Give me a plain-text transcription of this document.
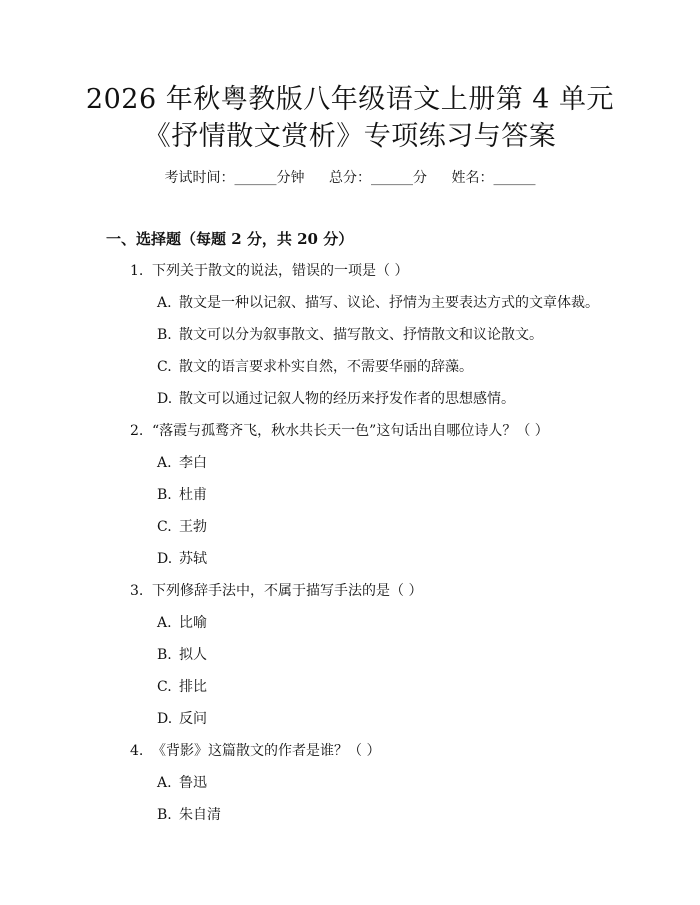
2026 年秋粤教版八年级语文上册第 4 单元
《抒情散文赏析》专项练习与答案
考试时间：______分钟 总分：______分 姓名：______
一、选择题（每题 2 分，共 20 分）
1. 下列关于散文的说法，错误的一项是（ ）
A. 散文是一种以记叙、描写、议论、抒情为主要表达方式的文章体裁。
B. 散文可以分为叙事散文、描写散文、抒情散文和议论散文。
C. 散文的语言要求朴实自然，不需要华丽的辞藻。
D. 散文可以通过记叙人物的经历来抒发作者的思想感情。
2. “落霞与孤鹜齐飞，秋水共长天一色”这句话出自哪位诗人？（ ）
A. 李白
B. 杜甫
C. 王勃
D. 苏轼
3. 下列修辞手法中，不属于描写手法的是（ ）
A. 比喻
B. 拟人
C. 排比
D. 反问
4. 《背影》这篇散文的作者是谁？（ ）
A. 鲁迅
B. 朱自清
